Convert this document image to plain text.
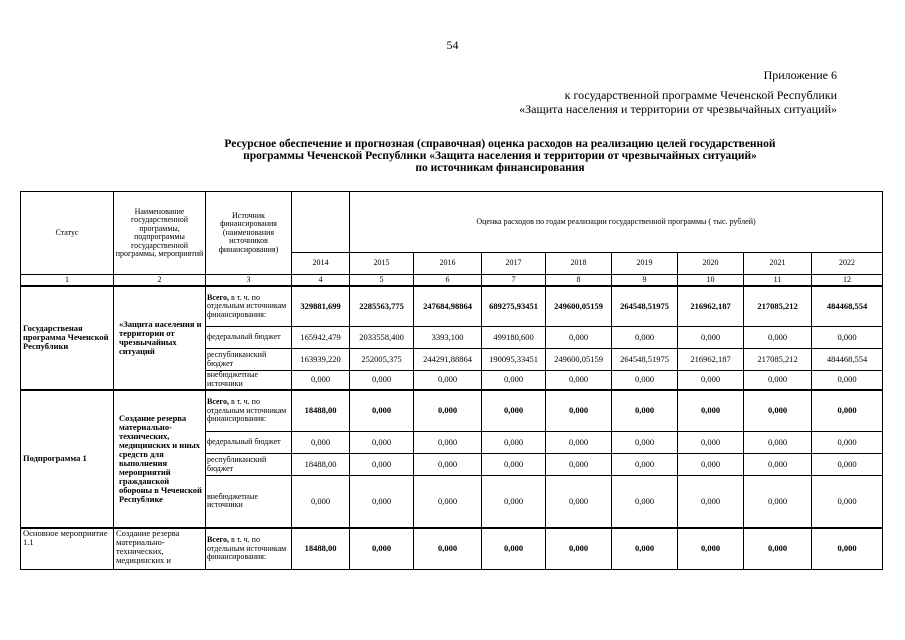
54
Приложение 6
к государственной программе Чеченской Республики
«Защита населения и территории от чрезвычайных ситуаций»
Ресурсное обеспечение и прогнозная (справочная) оценка расходов на реализацию целей государственной
программы Чеченской Республики «Защита населения и территории от чрезвычайных ситуаций»
по источникам финансирования
Статус	Наименование государственной программы, подпрограммы государственной программы, мероприятий	Источник финансирования (наименования источников финансирования)		Оценка расходов по годам реализации государственной программы ( тыс. рублей)							
			2014	2015	2016	2017	2018	2019	2020	2021	2022
1	2	3	4	5	6	7	8	9	10	11	12
Государственая программа Чеченской Республики	«Защита населения и территории от чрезвычайных ситуаций	Всего, в т. ч. по отдельным источникам финансирования:	329881,699	2285563,775	247684,98864	689275,93451	249600,05159	264548,51975	216962,187	217085,212	484468,554
		федеральный бюджет	165942,479	2033558,400	3393,100	499180,600	0,000	0,000	0,000	0,000	0,000
		республиканский бюджет	163939,220	252005,375	244291,88864	190095,33451	249600,05159	264548,51975	216962,187	217085,212	484468,554
		внебюджетные источники	0,000	0,000	0,000	0,000	0,000	0,000	0,000	0,000	0,000
Подпрограмма 1	Создание резерва материально-технических, медицинских и иных средств для выполнения мероприятий гражданской обороны в Чеченской Республике	Всего, в т. ч. по отдельным источникам финансирования:	18488,00	0,000	0,000	0,000	0,000	0,000	0,000	0,000	0,000
		федеральный бюджет	0,000	0,000	0,000	0,000	0,000	0,000	0,000	0,000	0,000
		республиканский бюджет	18488,00	0,000	0,000	0,000	0,000	0,000	0,000	0,000	0,000
		внебюджетные источники	0,000	0,000	0,000	0,000	0,000	0,000	0,000	0,000	0,000
Основное мероприятие 1.1	Создание резерва материально-технических, медицинских и	Всего, в т. ч. по отдельным источникам финансирования:	18488,00	0,000	0,000	0,000	0,000	0,000	0,000	0,000	0,000
